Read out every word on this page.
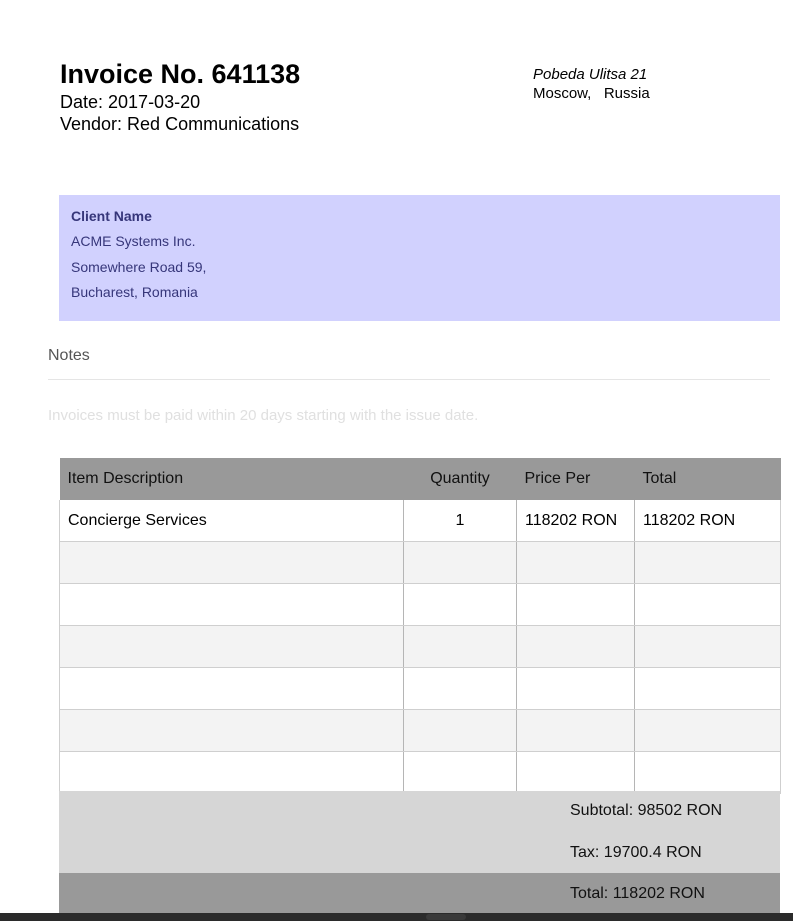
Invoice No. 641138
Date: 2017-03-20
Vendor: Red Communications
Pobeda Ulitsa 21
Moscow,   Russia
Client Name
ACME Systems Inc.
Somewhere Road 59,
Bucharest, Romania
Notes
Invoices must be paid within 20 days starting with the issue date.
Item Description	Quantity	Price Per	Total
Concierge Services	1	118202 RON	118202 RON

Subtotal: 98502 RON
Tax: 19700.4 RON
Total: 118202 RON
